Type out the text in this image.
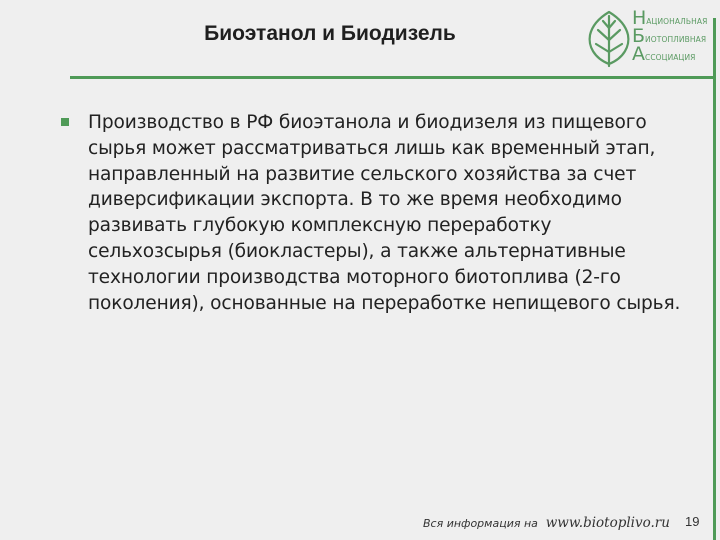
Биоэтанол и Биодизель
НАЦИОНАЛЬНАЯ
БИОТОПЛИВНАЯ
АССОЦИАЦИЯ
Производство в РФ биоэтанола и биодизеля из пищевого сырья может рассматриваться лишь как временный этап, направленный на развитие сельского хозяйства за счет диверсификации экспорта. В то же время необходимо развивать глубокую комплексную переработку сельхозсырья (биокластеры), а также альтернативные технологии производства моторного биотоплива (2-го поколения), основанные на переработке непищевого сырья.
Вся информация на www.biotoplivo.ru 19
